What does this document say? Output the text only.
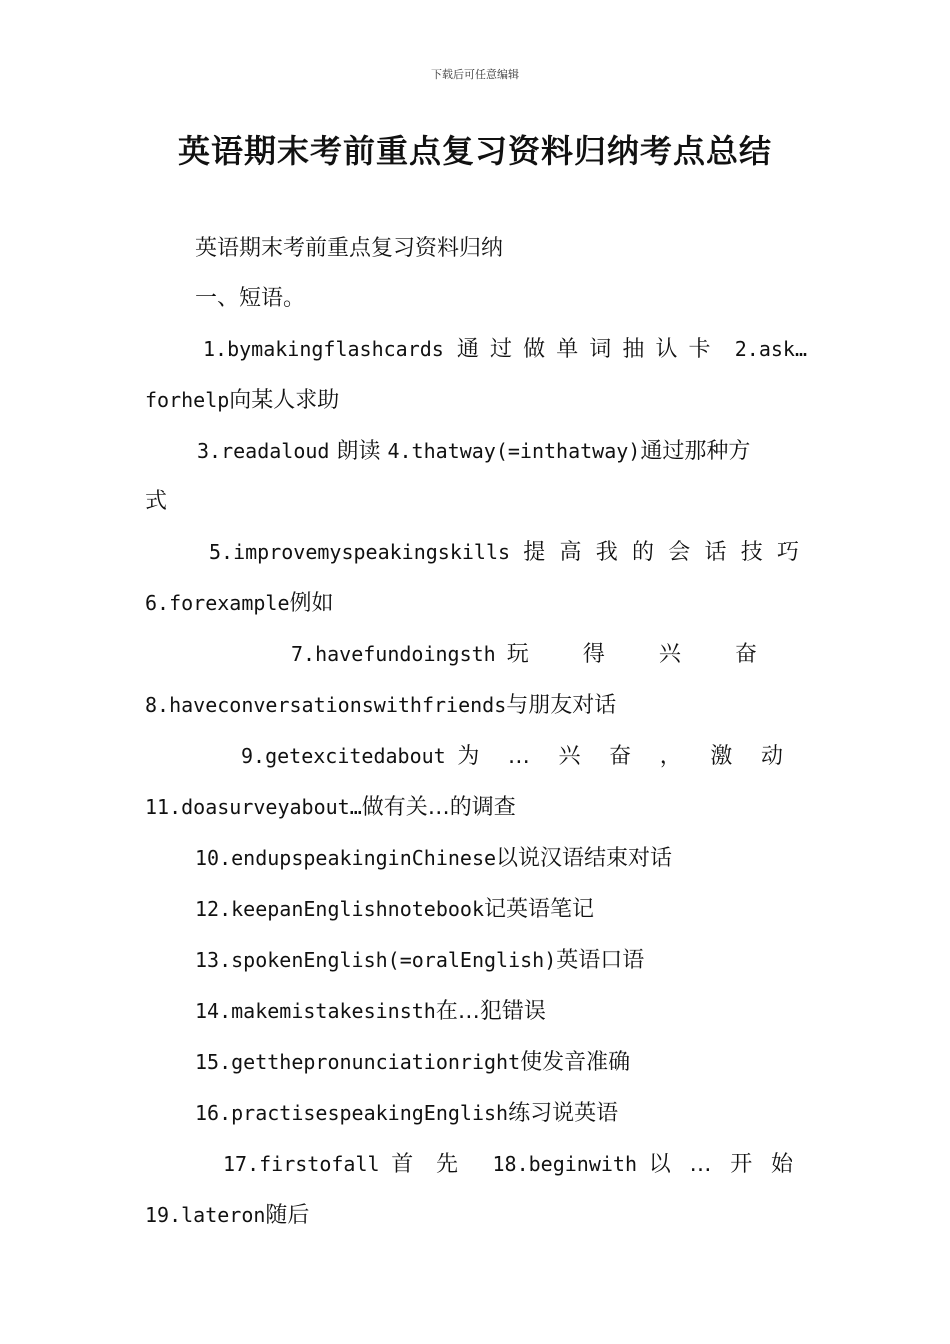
下载后可任意编辑
英语期末考前重点复习资料归纳考点总结

英语期末考前重点复习资料归纳

一、短语。

1.bymakingflashcards 通过做单词抽认卡 2.ask… forhelp向某人求助

3.readaloud 朗读 4.thatway(=inthatway)通过那种方
式

5.improvemyspeakingskills 提高我的会话技巧 6.forexample例如

7.havefundoingsth 玩得兴奋 8.haveconversationswithfriends与朋友对话

9.getexcitedabout 为…兴奋，激动 11.doasurveyabout…做有关…的调查

10.endupspeakinginChinese以说汉语结束对话

12.keepanEnglishnotebook记英语笔记

13.spokenEnglish(=oralEnglish)英语口语

14.makemistakesinsth在…犯错误

15.getthepronunciationright使发音准确

16.practisespeakingEnglish练习说英语

17.firstofall 首先 18.beginwith 以…开始 19.lateron随后
